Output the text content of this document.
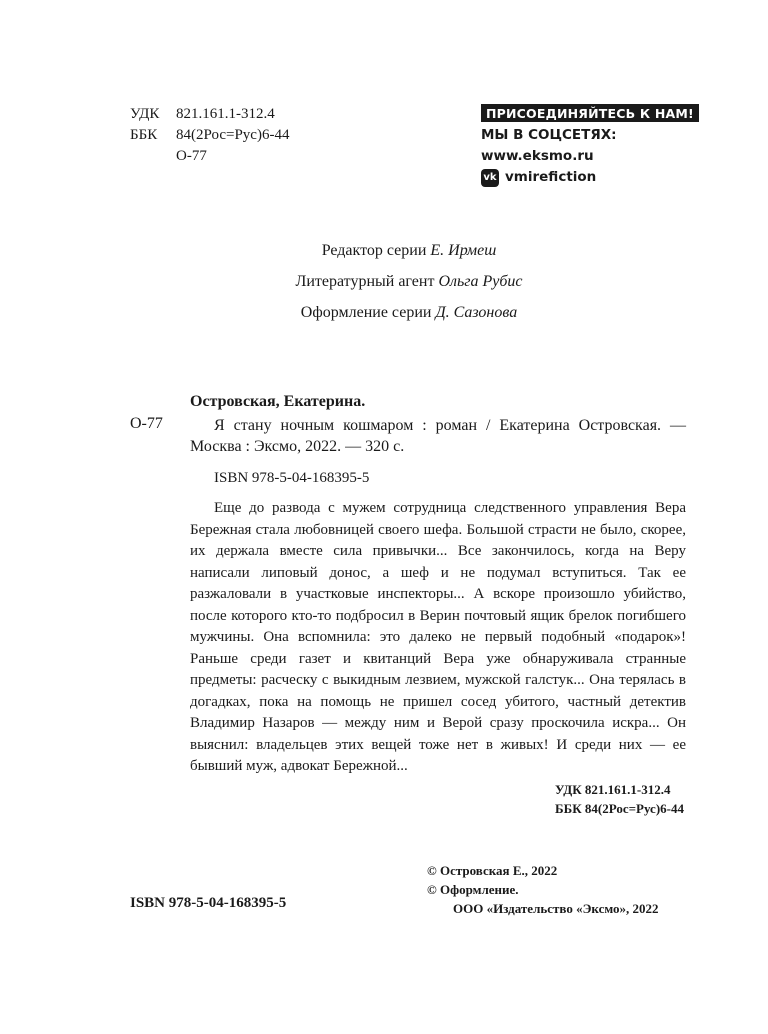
УДК	821.161.1-312.4
ББК	84(2Рос=Рус)6-44
О-77
ПРИСОЕДИНЯЙТЕСЬ К НАМ!
МЫ В СОЦСЕТЯХ:
www.eksmo.ru
vk vmirefiction
Редактор серии Е. Ирмеш
Литературный агент Ольга Рубис
Оформление серии Д. Сазонова
Островская, Екатерина.
О-77	Я стану ночным кошмаром : роман / Екатерина Островская. — Москва : Эксмо, 2022. — 320 с.
ISBN 978-5-04-168395-5
Еще до развода с мужем сотрудница следственного управления Вера Бережная стала любовницей своего шефа. Большой страсти не было, скорее, их держала вместе сила привычки... Все закончилось, когда на Веру написали липовый донос, а шеф и не подумал вступиться. Так ее разжаловали в участковые инспекторы... А вскоре произошло убийство, после которого кто-то подбросил в Верин почтовый ящик брелок погибшего мужчины. Она вспомнила: это далеко не первый подобный «подарок»! Раньше среди газет и квитанций Вера уже обнаруживала странные предметы: расческу с выкидным лезвием, мужской галстук... Она терялась в догадках, пока на помощь не пришел сосед убитого, частный детектив Владимир Назаров — между ним и Верой сразу проскочила искра... Он выяснил: владельцев этих вещей тоже нет в живых! И среди них — ее бывший муж, адвокат Бережной...
УДК 821.161.1-312.4
ББК 84(2Рос=Рус)6-44
ISBN 978-5-04-168395-5
© Островская Е., 2022
© Оформление.
ООО «Издательство «Эксмо», 2022
